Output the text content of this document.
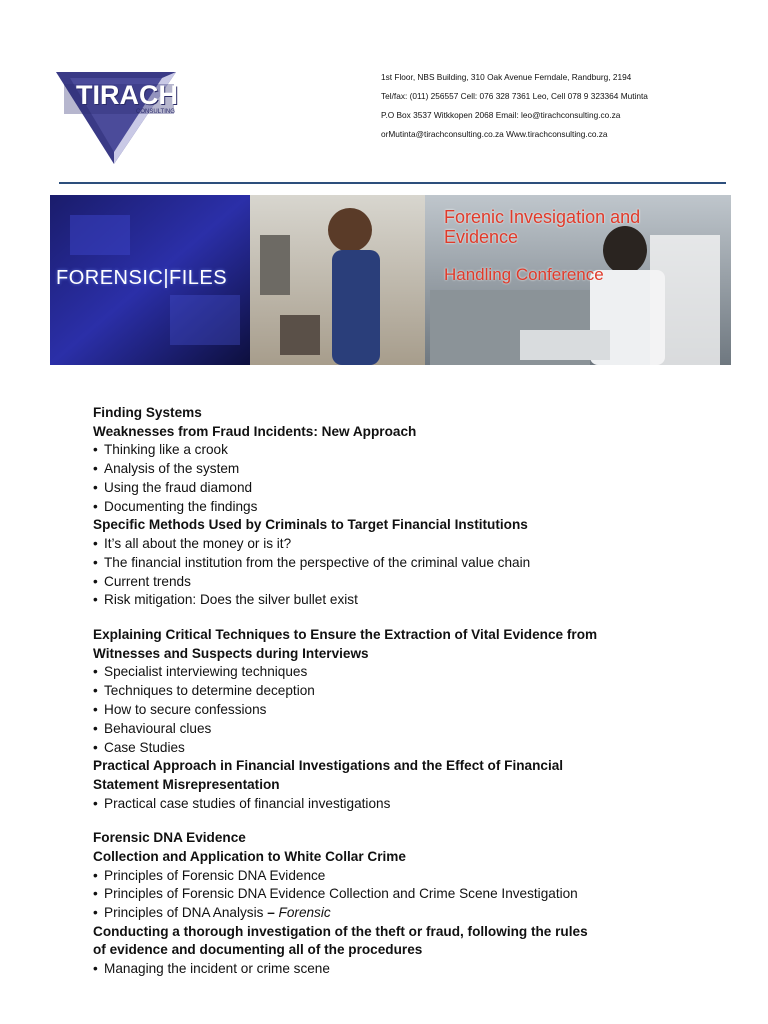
TIRACH
CONSULTING
1st Floor, NBS Building, 310 Oak Avenue Ferndale, Randburg, 2194
Tel/fax: (011) 256557 Cell: 076 328 7361 Leo, Cell 078 9 323364 Mutinta
P.O Box 3537 Witkkopen 2068 Email: leo@tirachconsulting.co.za
orMutinta@tirachconsulting.co.za Www.tirachconsulting.co.za
FORENSIC|FILES
Forenic Invesigation and
Evidence
Handling Conference
Finding Systems
Weaknesses from Fraud Incidents: New Approach
• Thinking like a crook
• Analysis of the system
• Using the fraud diamond
• Documenting the findings
Specific Methods Used by Criminals to Target Financial Institutions
• It’s all about the money or is it?
• The financial institution from the perspective of the criminal value chain
• Current trends
• Risk mitigation: Does the silver bullet exist
Explaining Critical Techniques to Ensure the Extraction of Vital Evidence from
Witnesses and Suspects during Interviews
• Specialist interviewing techniques
• Techniques to determine deception
• How to secure confessions
• Behavioural clues
• Case Studies
Practical Approach in Financial Investigations and the Effect of Financial
Statement Misrepresentation
• Practical case studies of financial investigations
Forensic DNA Evidence
Collection and Application to White Collar Crime
• Principles of Forensic DNA Evidence
• Principles of Forensic DNA Evidence Collection and Crime Scene Investigation
• Principles of DNA Analysis – Forensic
Conducting a thorough investigation of the theft or fraud, following the rules
of evidence and documenting all of the procedures
• Managing the incident or crime scene
